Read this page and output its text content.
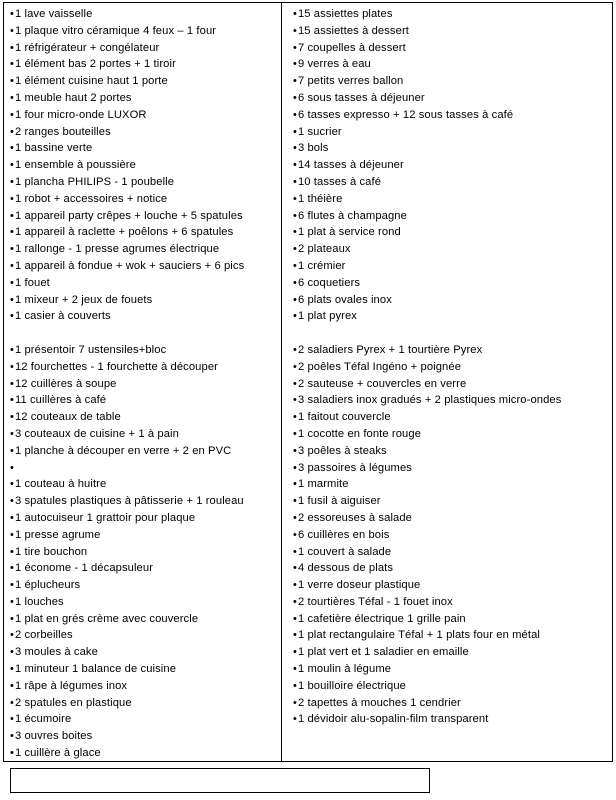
•1 lave vaisselle
•1 plaque vitro céramique 4 feux – 1 four
•1 réfrigérateur + congélateur
•1 élément bas 2 portes + 1 tiroir
•1 élément cuisine haut 1 porte
•1 meuble haut 2 portes
•1 four micro-onde LUXOR
•2 ranges bouteilles
•1 bassine verte
•1 ensemble à poussière
•1 plancha PHILIPS - 1 poubelle
•1 robot + accessoires + notice
•1 appareil party crêpes + louche + 5 spatules
•1 appareil à raclette + poêlons + 6 spatules
•1 rallonge - 1 presse agrumes électrique
•1 appareil à fondue + wok + sauciers + 6 pics
•1 fouet
•1 mixeur + 2 jeux de fouets
•1 casier à couverts
•1 présentoir 7 ustensiles+bloc
•12 fourchettes - 1 fourchette à découper
•12 cuillères à soupe
•11 cuillères à café
•12 couteaux de table
•3 couteaux de cuisine + 1 à pain
•1 planche à découper en verre + 2 en PVC
•
•1 couteau à huitre
•3 spatules plastiques à pâtisserie + 1 rouleau
•1 autocuiseur 1 grattoir pour plaque
•1 presse agrume
•1 tire bouchon
•1 économe - 1 décapsuleur
•1 éplucheurs
•1 louches
•1 plat en grés crème avec couvercle
•2 corbeilles
•3 moules à cake
•1 minuteur 1 balance de cuisine
•1 râpe à légumes inox
•2 spatules en plastique
•1 écumoire
•3 ouvres boites
•1 cuillère à glace
•15 assiettes plates
•15 assiettes à dessert
•7 coupelles à dessert
•9 verres à eau
•7 petits verres ballon
•6 sous tasses à déjeuner
•6 tasses expresso + 12 sous tasses à café
•1 sucrier
•3 bols
•14 tasses à déjeuner
•10 tasses à café
•1 théière
•6 flutes à champagne
•1 plat à service rond
•2 plateaux
•1 crémier
•6 coquetiers
•6 plats ovales inox
•1 plat pyrex
•2 saladiers Pyrex + 1 tourtière Pyrex
•2 poêles Téfal Ingéno + poignée
•2 sauteuse + couvercles en verre
•3 saladiers inox gradués + 2 plastiques micro-ondes
•1 faitout couvercle
•1 cocotte en fonte rouge
•3 poêles à steaks
•3 passoires à légumes
•1 marmite
•1 fusil à aiguiser
•2 essoreuses à salade
•6 cuillères en bois
•1 couvert à salade
•4 dessous de plats
•1 verre doseur plastique
•2 tourtières Téfal - 1 fouet inox
•1 cafetière électrique 1 grille pain
•1 plat rectangulaire Téfal + 1 plats four en métal
•1 plat vert et 1 saladier en emaille
•1 moulin à légume
•1 bouilloire électrique
•2 tapettes à mouches 1 cendrier
•1 dévidoir alu-sopalin-film transparent
